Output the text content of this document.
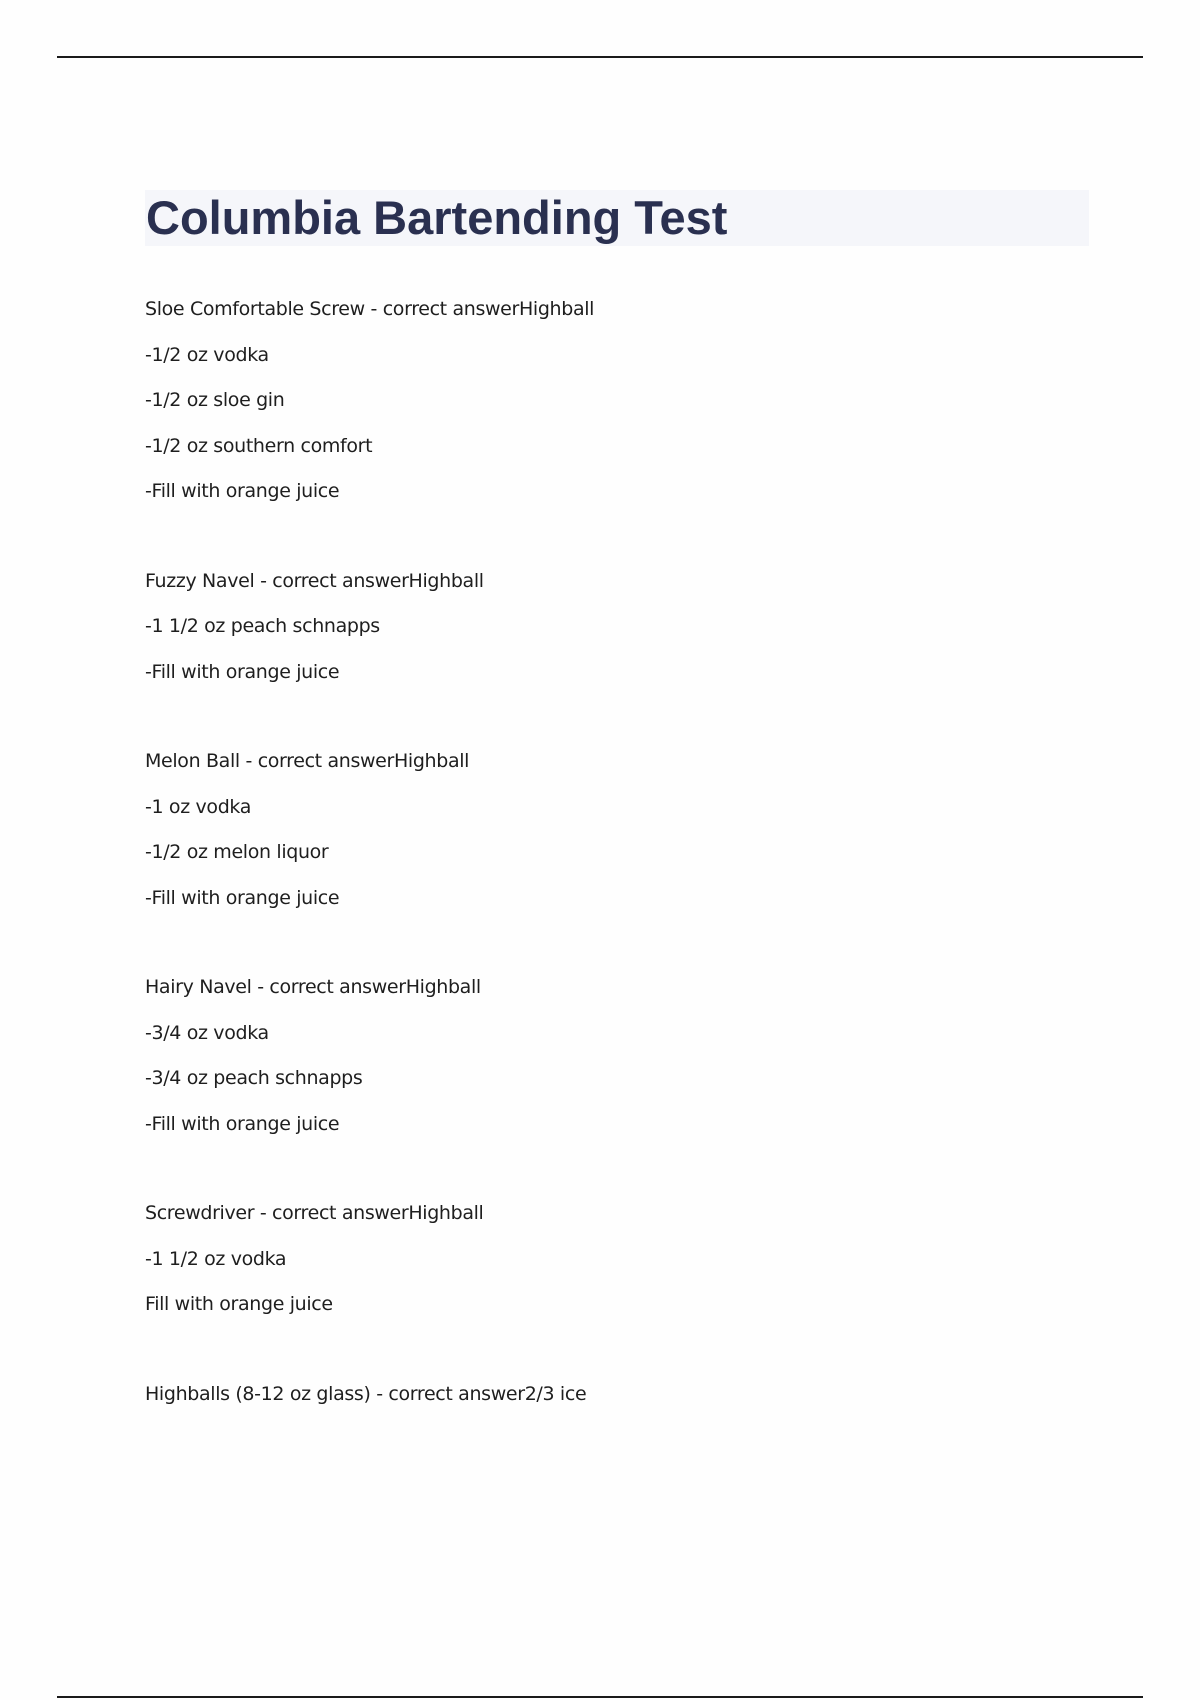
Columbia Bartending Test
Sloe Comfortable Screw - correct answerHighball
-1/2 oz vodka
-1/2 oz sloe gin
-1/2 oz southern comfort
-Fill with orange juice
Fuzzy Navel - correct answerHighball
-1 1/2 oz peach schnapps
-Fill with orange juice
Melon Ball - correct answerHighball
-1 oz vodka
-1/2 oz melon liquor
-Fill with orange juice
Hairy Navel - correct answerHighball
-3/4 oz vodka
-3/4 oz peach schnapps
-Fill with orange juice
Screwdriver - correct answerHighball
-1 1/2 oz vodka
Fill with orange juice
Highballs (8-12 oz glass) - correct answer2/3 ice
